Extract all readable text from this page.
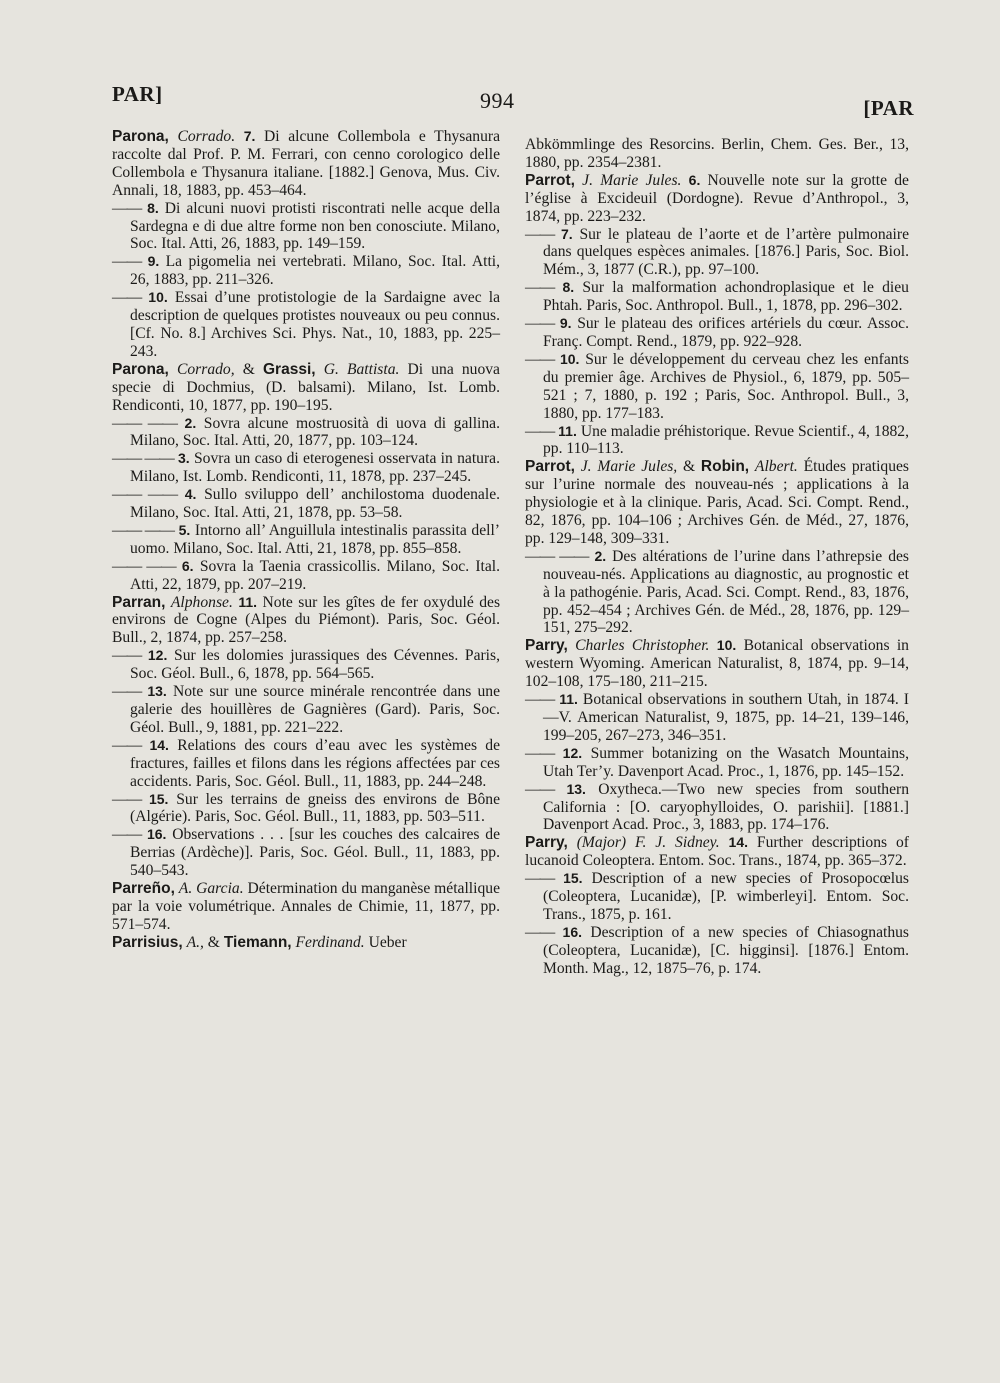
PAR]	994	[PAR

Parona, Corrado. 7. Di alcune Collembola e Thysanura raccolte dal Prof. P. M. Ferrari, con cenno corologico delle Collembola e Thysanura italiane. [1882.] Genova, Mus. Civ. Annali, 18, 1883, pp. 453–464.

—— 8. Di alcuni nuovi protisti riscontrati nelle acque della Sardegna e di due altre forme non ben conosciute. Milano, Soc. Ital. Atti, 26, 1883, pp. 149–159.

—— 9. La pigomelia nei vertebrati. Milano, Soc. Ital. Atti, 26, 1883, pp. 211–326.

—— 10. Essai d’une protistologie de la Sardaigne avec la description de quelques protistes nouveaux ou peu connus. [Cf. No. 8.] Archives Sci. Phys. Nat., 10, 1883, pp. 225–243.

Parona, Corrado, & Grassi, G. Battista. Di una nuova specie di Dochmius, (D. balsami). Milano, Ist. Lomb. Rendiconti, 10, 1877, pp. 190–195.

—— —— 2. Sovra alcune mostruosità di uova di gallina. Milano, Soc. Ital. Atti, 20, 1877, pp. 103–124.

—— —— 3. Sovra un caso di eterogenesi osservata in natura. Milano, Ist. Lomb. Rendiconti, 11, 1878, pp. 237–245.

—— —— 4. Sullo sviluppo dell’ anchilostoma duodenale. Milano, Soc. Ital. Atti, 21, 1878, pp. 53–58.

—— —— 5. Intorno all’ Anguillula intestinalis parassita dell’ uomo. Milano, Soc. Ital. Atti, 21, 1878, pp. 855–858.

—— —— 6. Sovra la Taenia crassicollis. Milano, Soc. Ital. Atti, 22, 1879, pp. 207–219.

Parran, Alphonse. 11. Note sur les gîtes de fer oxydulé des environs de Cogne (Alpes du Piémont). Paris, Soc. Géol. Bull., 2, 1874, pp. 257–258.

—— 12. Sur les dolomies jurassiques des Cévennes. Paris, Soc. Géol. Bull., 6, 1878, pp. 564–565.

—— 13. Note sur une source minérale rencontrée dans une galerie des houillères de Gagnières (Gard). Paris, Soc. Géol. Bull., 9, 1881, pp. 221–222.

—— 14. Relations des cours d’eau avec les systèmes de fractures, failles et filons dans les régions affectées par ces accidents. Paris, Soc. Géol. Bull., 11, 1883, pp. 244–248.

—— 15. Sur les terrains de gneiss des environs de Bône (Algérie). Paris, Soc. Géol. Bull., 11, 1883, pp. 503–511.

—— 16. Observations . . . [sur les couches des calcaires de Berrias (Ardèche)]. Paris, Soc. Géol. Bull., 11, 1883, pp. 540–543.

Parreño, A. Garcia. Détermination du manganèse métallique par la voie volumétrique. Annales de Chimie, 11, 1877, pp. 571–574.

Parrisius, A., & Tiemann, Ferdinand. Ueber

Abkömmlinge des Resorcins. Berlin, Chem. Ges. Ber., 13, 1880, pp. 2354–2381.

Parrot, J. Marie Jules. 6. Nouvelle note sur la grotte de l’église à Excideuil (Dordogne). Revue d’Anthropol., 3, 1874, pp. 223–232.

—— 7. Sur le plateau de l’aorte et de l’artère pulmonaire dans quelques espèces animales. [1876.] Paris, Soc. Biol. Mém., 3, 1877 (C.R.), pp. 97–100.

—— 8. Sur la malformation achondroplasique et le dieu Phtah. Paris, Soc. Anthropol. Bull., 1, 1878, pp. 296–302.

—— 9. Sur le plateau des orifices artériels du cœur. Assoc. Franç. Compt. Rend., 1879, pp. 922–928.

—— 10. Sur le développement du cerveau chez les enfants du premier âge. Archives de Physiol., 6, 1879, pp. 505–521 ; 7, 1880, p. 192 ; Paris, Soc. Anthropol. Bull., 3, 1880, pp. 177–183.

—— 11. Une maladie préhistorique. Revue Scientif., 4, 1882, pp. 110–113.

Parrot, J. Marie Jules, & Robin, Albert. Études pratiques sur l’urine normale des nouveau-nés ; applications à la physiologie et à la clinique. Paris, Acad. Sci. Compt. Rend., 82, 1876, pp. 104–106 ; Archives Gén. de Méd., 27, 1876, pp. 129–148, 309–331.

—— —— 2. Des altérations de l’urine dans l’athrepsie des nouveau-nés. Applications au diagnostic, au prognostic et à la pathogénie. Paris, Acad. Sci. Compt. Rend., 83, 1876, pp. 452–454 ; Archives Gén. de Méd., 28, 1876, pp. 129–151, 275–292.

Parry, Charles Christopher. 10. Botanical observations in western Wyoming. American Naturalist, 8, 1874, pp. 9–14, 102–108, 175–180, 211–215.

—— 11. Botanical observations in southern Utah, in 1874. I—V. American Naturalist, 9, 1875, pp. 14–21, 139–146, 199–205, 267–273, 346–351.

—— 12. Summer botanizing on the Wasatch Mountains, Utah Ter’y. Davenport Acad. Proc., 1, 1876, pp. 145–152.

—— 13. Oxytheca.—Two new species from southern California : [O. caryophylloides, O. parishii]. [1881.] Davenport Acad. Proc., 3, 1883, pp. 174–176.

Parry, (Major) F. J. Sidney. 14. Further descriptions of lucanoid Coleoptera. Entom. Soc. Trans., 1874, pp. 365–372.

—— 15. Description of a new species of Prosopocœlus (Coleoptera, Lucanidæ), [P. wimberleyi]. Entom. Soc. Trans., 1875, p. 161.

—— 16. Description of a new species of Chiasognathus (Coleoptera, Lucanidæ), [C. higginsi]. [1876.] Entom. Month. Mag., 12, 1875–76, p. 174.
